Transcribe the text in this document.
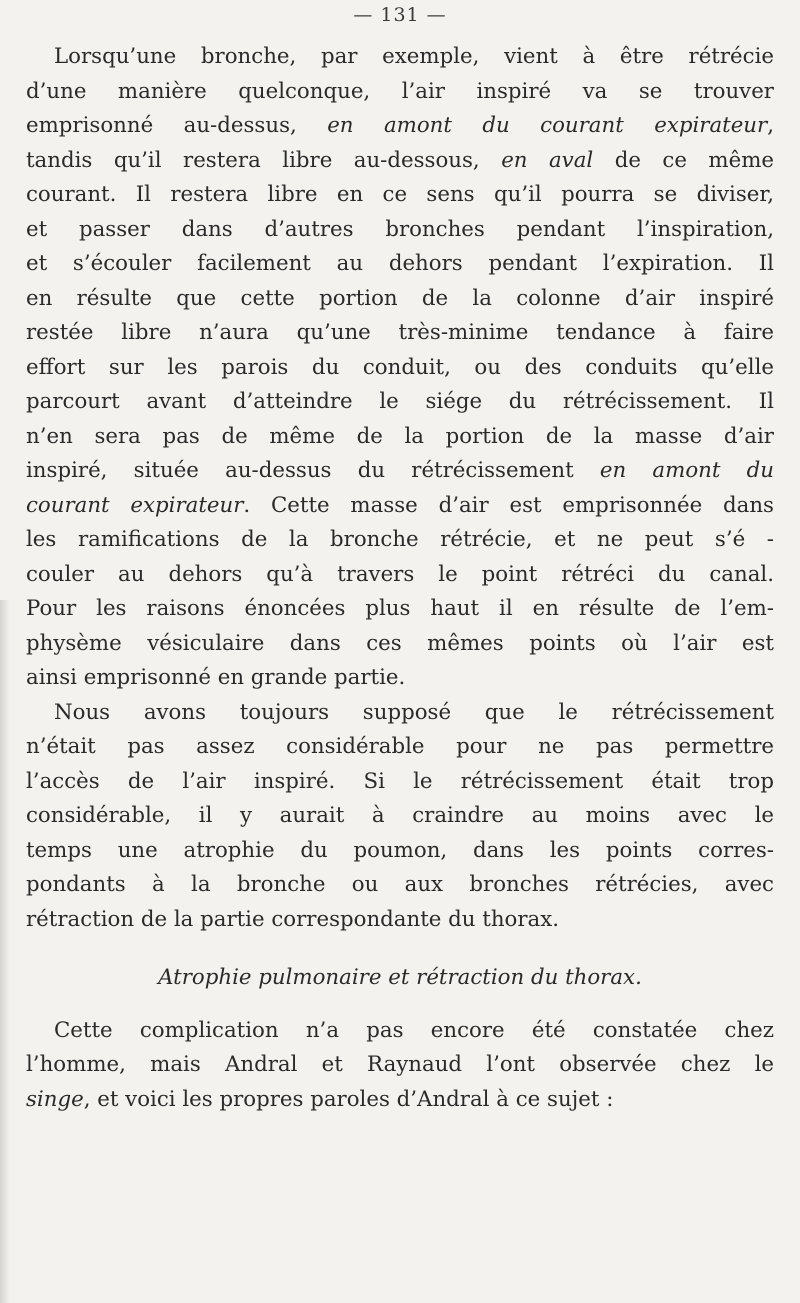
— 131 —

Lorsqu’une bronche, par exemple, vient à être rétrécie
d’une manière quelconque, l’air inspiré va se trouver
emprisonné au-dessus, en amont du courant expirateur,
tandis qu’il restera libre au-dessous, en aval de ce même
courant. Il restera libre en ce sens qu’il pourra se diviser,
et passer dans d’autres bronches pendant l’inspiration,
et s’écouler facilement au dehors pendant l’expiration. Il
en résulte que cette portion de la colonne d’air inspiré
restée libre n’aura qu’une très-minime tendance à faire
effort sur les parois du conduit, ou des conduits qu’elle
parcourt avant d’atteindre le siége du rétrécissement. Il
n’en sera pas de même de la portion de la masse d’air
inspiré, située au-dessus du rétrécissement en amont du
courant expirateur. Cette masse d’air est emprisonnée dans
les ramifications de la bronche rétrécie, et ne peut s’é -
couler au dehors qu’à travers le point rétréci du canal.
Pour les raisons énoncées plus haut il en résulte de l’em-
physème vésiculaire dans ces mêmes points où l’air est
ainsi emprisonné en grande partie.

Nous avons toujours supposé que le rétrécissement
n’était pas assez considérable pour ne pas permettre
l’accès de l’air inspiré. Si le rétrécissement était trop
considérable, il y aurait à craindre au moins avec le
temps une atrophie du poumon, dans les points corres-
pondants à la bronche ou aux bronches rétrécies, avec
rétraction de la partie correspondante du thorax.

Atrophie pulmonaire et rétraction du thorax.

Cette complication n’a pas encore été constatée chez
l’homme, mais Andral et Raynaud l’ont observée chez le
singe, et voici les propres paroles d’Andral à ce sujet :
